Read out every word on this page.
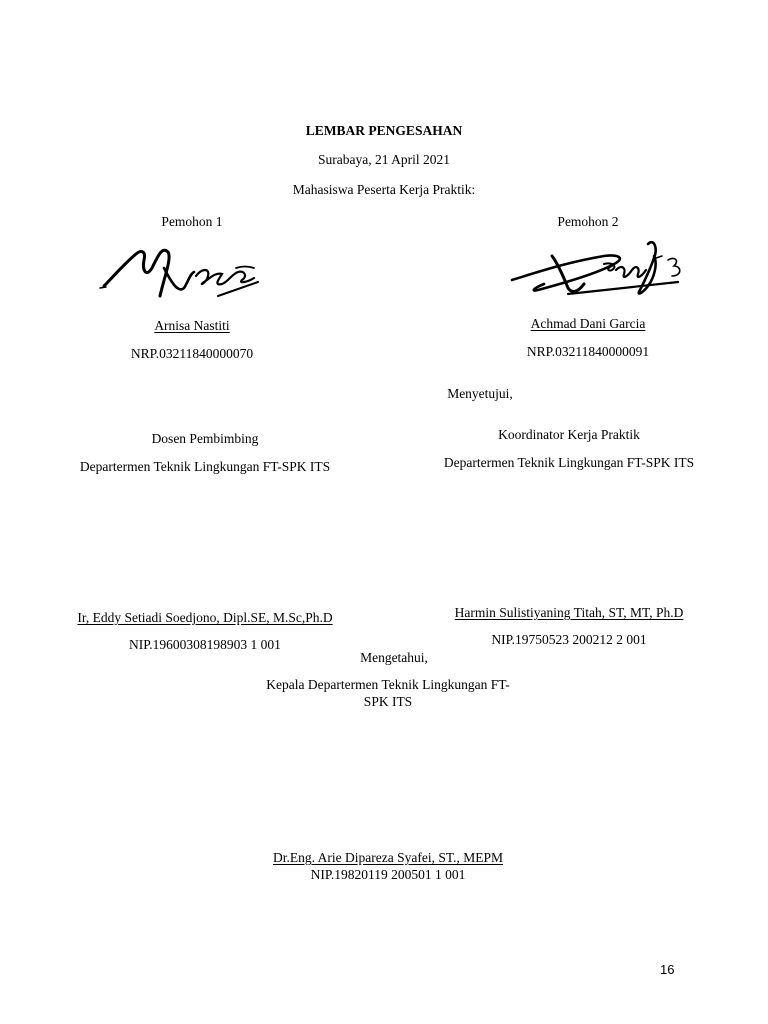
LEMBAR PENGESAHAN
Surabaya, 21 April 2021
Mahasiswa Peserta Kerja Praktik:
Pemohon 1
Arnisa Nastiti
NRP.03211840000070
Pemohon 2
Achmad Dani Garcia
NRP.03211840000091
Menyetujui,
Dosen Pembimbing
Departermen Teknik Lingkungan FT-SPK ITS
Ir, Eddy Setiadi Soedjono, Dipl.SE, M.Sc,Ph.D
NIP.19600308198903 1 001
Koordinator Kerja Praktik
Departermen Teknik Lingkungan FT-SPK ITS
Harmin Sulistiyaning Titah, ST, MT, Ph.D
NIP.19750523 200212 2 001
Mengetahui,
Kepala Departermen Teknik Lingkungan FT-
SPK ITS
Dr.Eng. Arie Dipareza Syafei, ST., MEPM
NIP.19820119 200501 1 001
16
